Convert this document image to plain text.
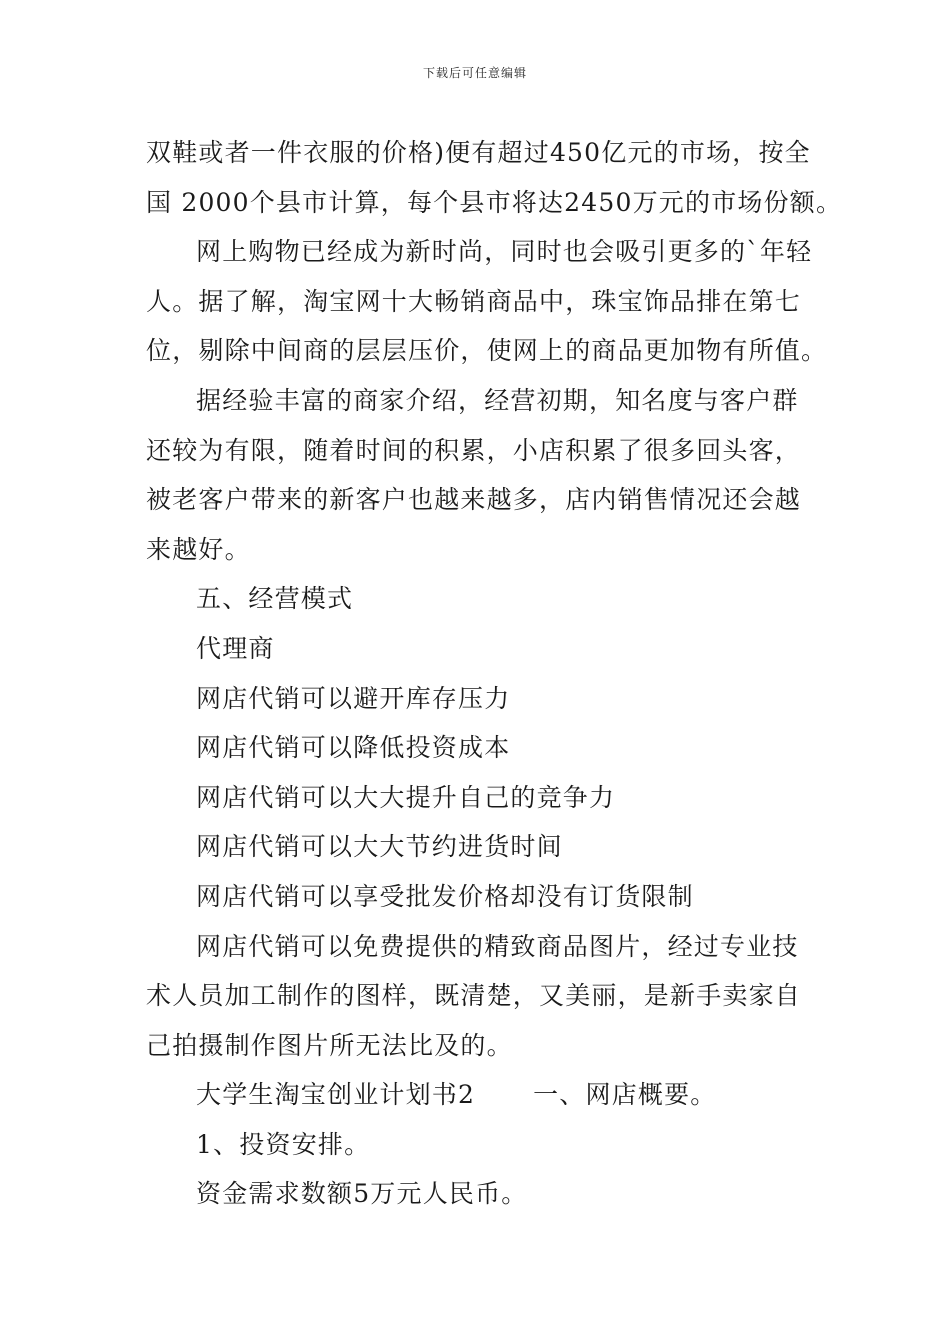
下载后可任意编辑

双鞋或者一件衣服的价格)便有超过450亿元的市场，按全

国 2000个县市计算，每个县市将达2450万元的市场份额。

网上购物已经成为新时尚，同时也会吸引更多的`年轻

人。据了解，淘宝网十大畅销商品中，珠宝饰品排在第七

位，剔除中间商的层层压价，使网上的商品更加物有所值。

据经验丰富的商家介绍，经营初期，知名度与客户群

还较为有限，随着时间的积累，小店积累了很多回头客，

被老客户带来的新客户也越来越多，店内销售情况还会越

来越好。

五、经营模式

代理商

网店代销可以避开库存压力

网店代销可以降低投资成本

网店代销可以大大提升自己的竞争力

网店代销可以大大节约进货时间

网店代销可以享受批发价格却没有订货限制

网店代销可以免费提供的精致商品图片，经过专业技

术人员加工制作的图样，既清楚，又美丽，是新手卖家自

己拍摄制作图片所无法比及的。

大学生淘宝创业计划书2 一、网店概要。

1、投资安排。

资金需求数额5万元人民币。
